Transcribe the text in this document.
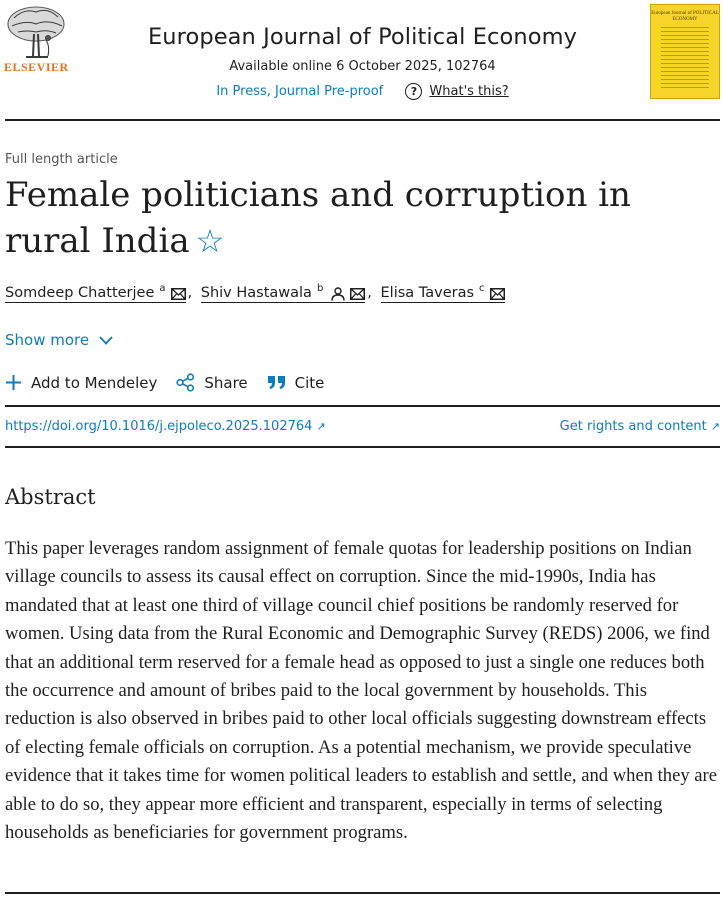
ELSEVIER
European Journal of Political Economy
Available online 6 October 2025, 102764
In Press, Journal Pre-proof	? What's this?
European Journal of POLITICAL ECONOMY
Full length article
Female politicians and corruption in rural India ☆
Somdeep Chatterjee $^a$ , Shiv Hastawala $^b$	, Elisa Taveras $^c$
Show more
Add to Mendeley	Share	Cite
https://doi.org/10.1016/j.ejpoleco.2025.102764 ↗	Get rights and content ↗
Abstract
This paper leverages random assignment of female quotas for leadership positions on Indian village councils to assess its causal effect on corruption. Since the mid-1990s, India has mandated that at least one third of village council chief positions be randomly reserved for women. Using data from the Rural Economic and Demographic Survey (REDS) 2006, we find that an additional term reserved for a female head as opposed to just a single one reduces both the occurrence and amount of bribes paid to the local government by households. This reduction is also observed in bribes paid to other local officials suggesting downstream effects of electing female officials on corruption. As a potential mechanism, we provide speculative evidence that it takes time for women political leaders to establish and settle, and when they are able to do so, they appear more efficient and transparent, especially in terms of selecting households as beneficiaries for government programs.
